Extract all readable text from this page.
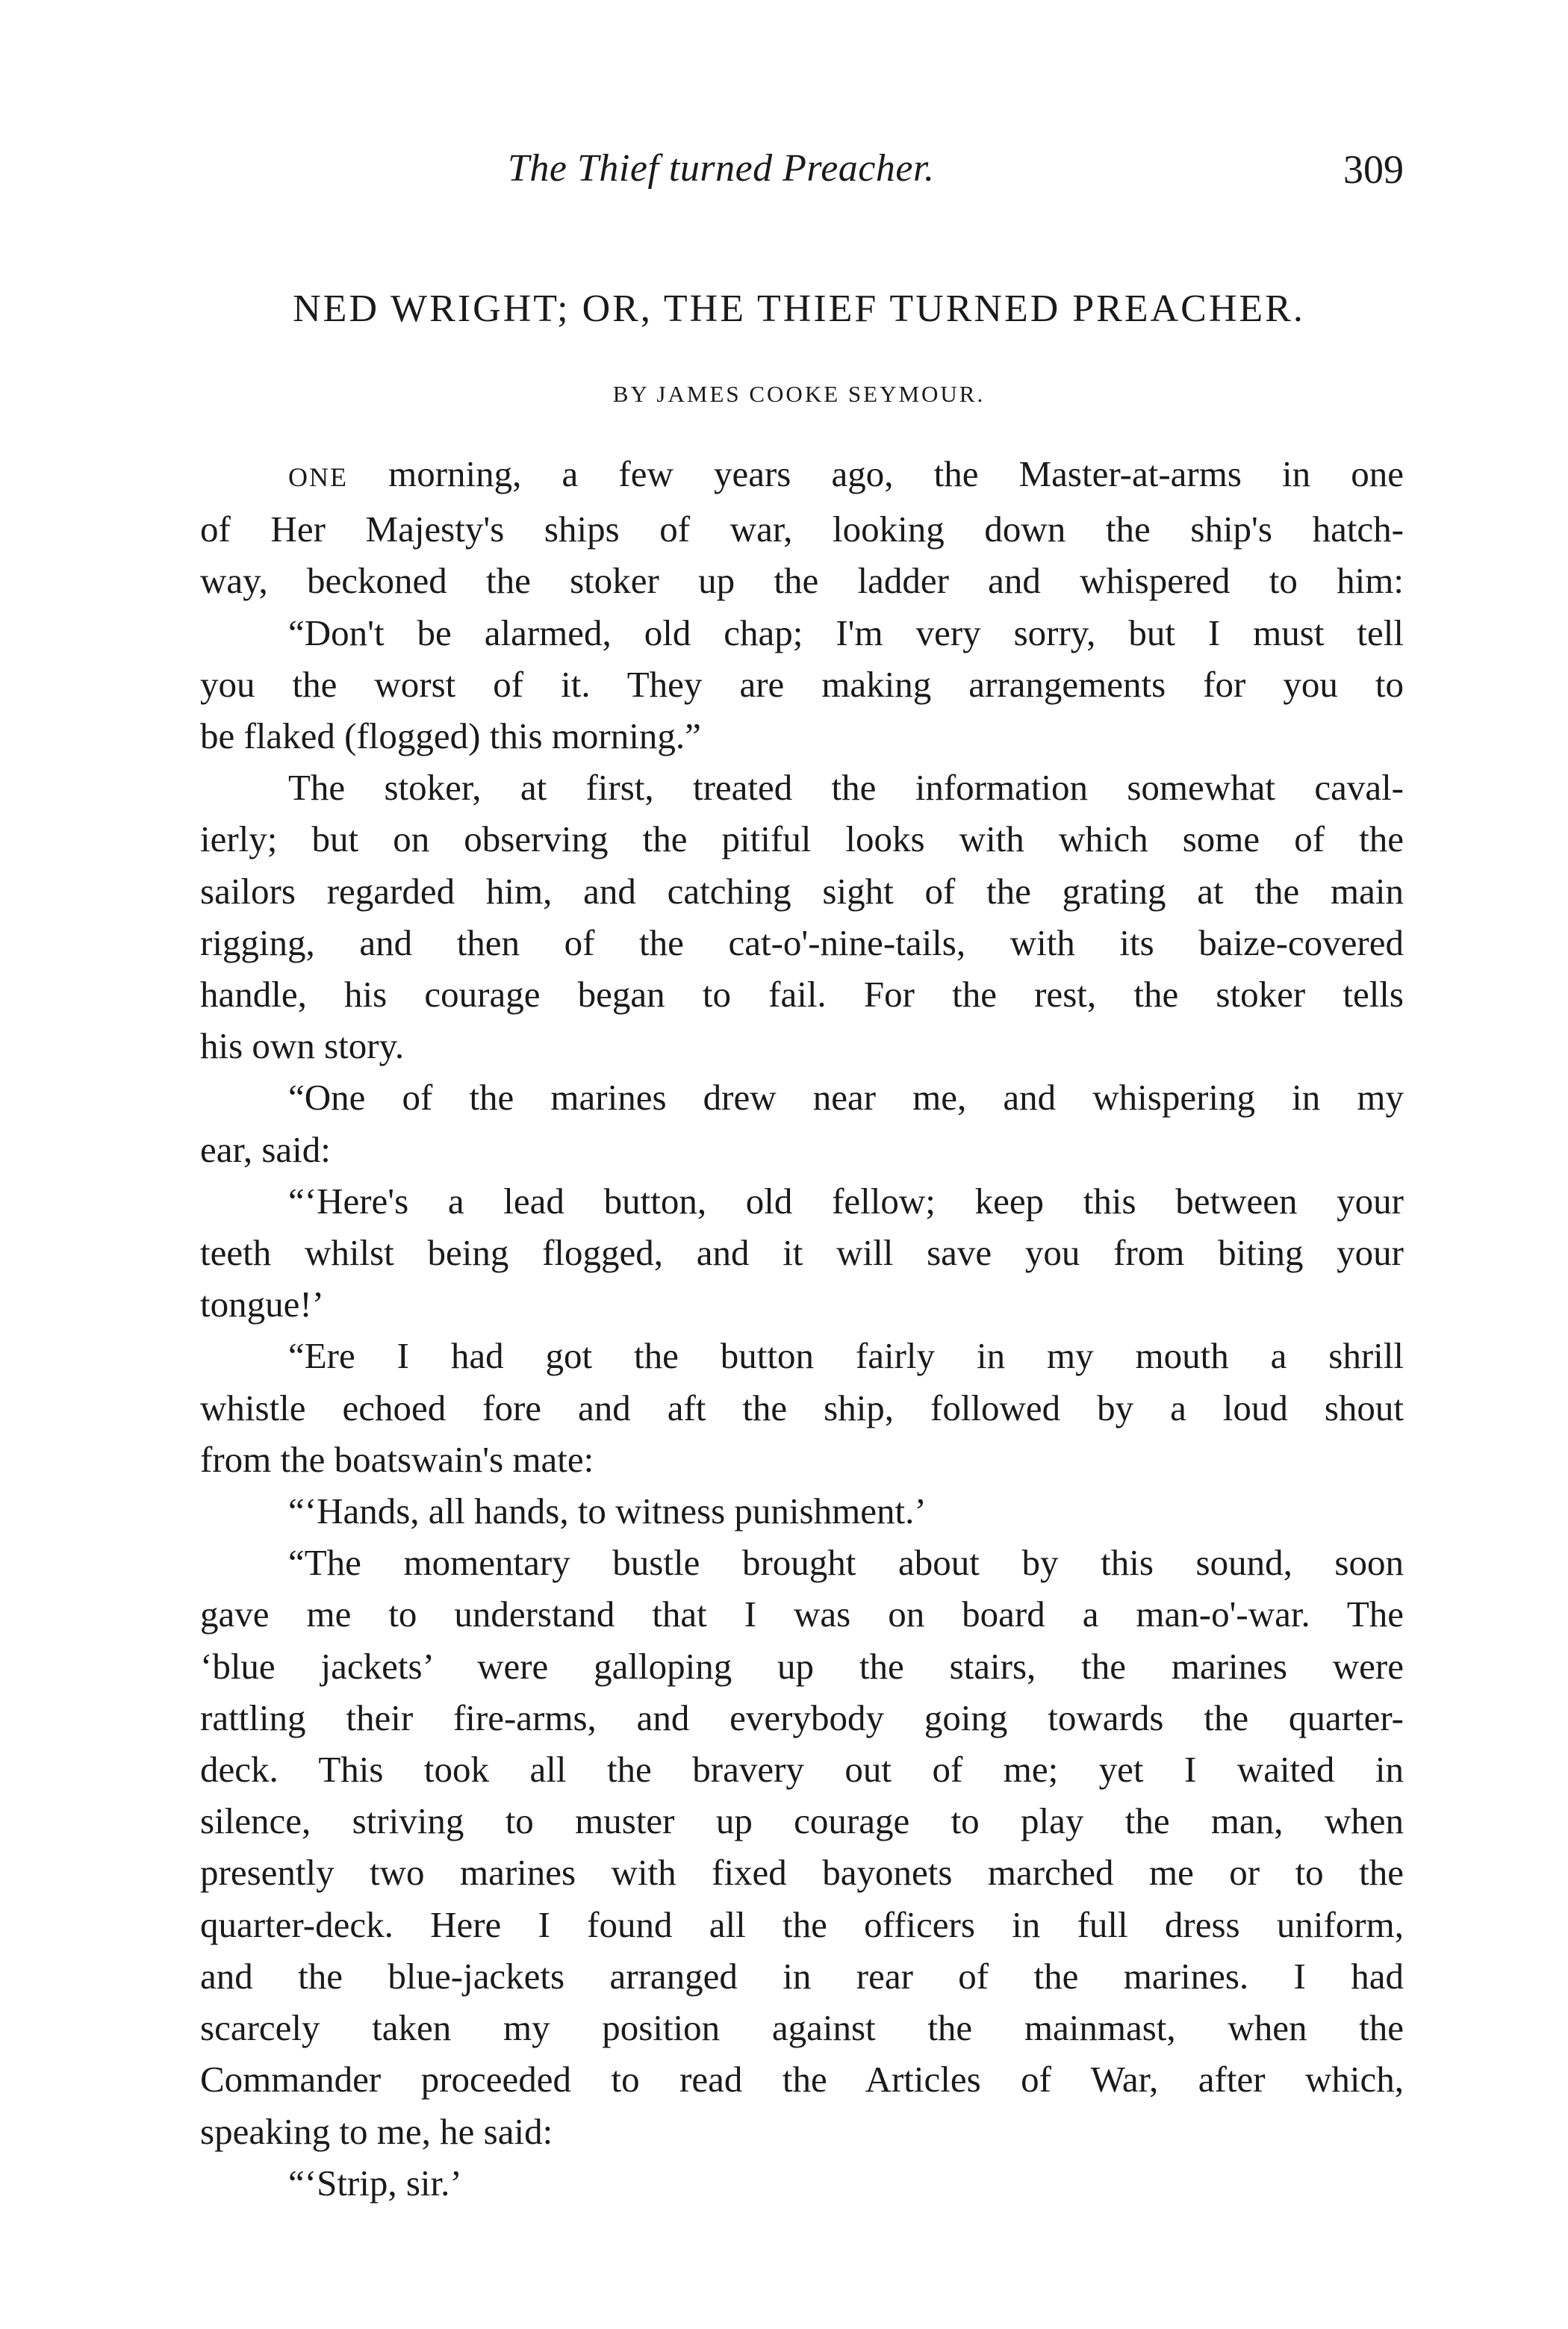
The Thief turned Preacher.	309
NED WRIGHT; OR, THE THIEF TURNED PREACHER.
BY JAMES COOKE SEYMOUR.
ONE morning, a few years ago, the Master-at-arms in one
of Her Majesty's ships of war, looking down the ship's hatch-
way, beckoned the stoker up the ladder and whispered to him:
“Don't be alarmed, old chap; I'm very sorry, but I must tell
you the worst of it. They are making arrangements for you to
be flaked (flogged) this morning.”
The stoker, at first, treated the information somewhat caval-
ierly; but on observing the pitiful looks with which some of the
sailors regarded him, and catching sight of the grating at the main
rigging, and then of the cat-o'-nine-tails, with its baize-covered
handle, his courage began to fail. For the rest, the stoker tells
his own story.
“One of the marines drew near me, and whispering in my
ear, said:
“‘Here's a lead button, old fellow; keep this between your
teeth whilst being flogged, and it will save you from biting your
tongue!’
“Ere I had got the button fairly in my mouth a shrill
whistle echoed fore and aft the ship, followed by a loud shout
from the boatswain's mate:
“‘Hands, all hands, to witness punishment.’
“The momentary bustle brought about by this sound, soon
gave me to understand that I was on board a man-o'-war. The
‘blue jackets’ were galloping up the stairs, the marines were
rattling their fire-arms, and everybody going towards the quarter-
deck. This took all the bravery out of me; yet I waited in
silence, striving to muster up courage to play the man, when
presently two marines with fixed bayonets marched me or to the
quarter-deck. Here I found all the officers in full dress uniform,
and the blue-jackets arranged in rear of the marines. I had
scarcely taken my position against the mainmast, when the
Commander proceeded to read the Articles of War, after which,
speaking to me, he said:
“‘Strip, sir.’
